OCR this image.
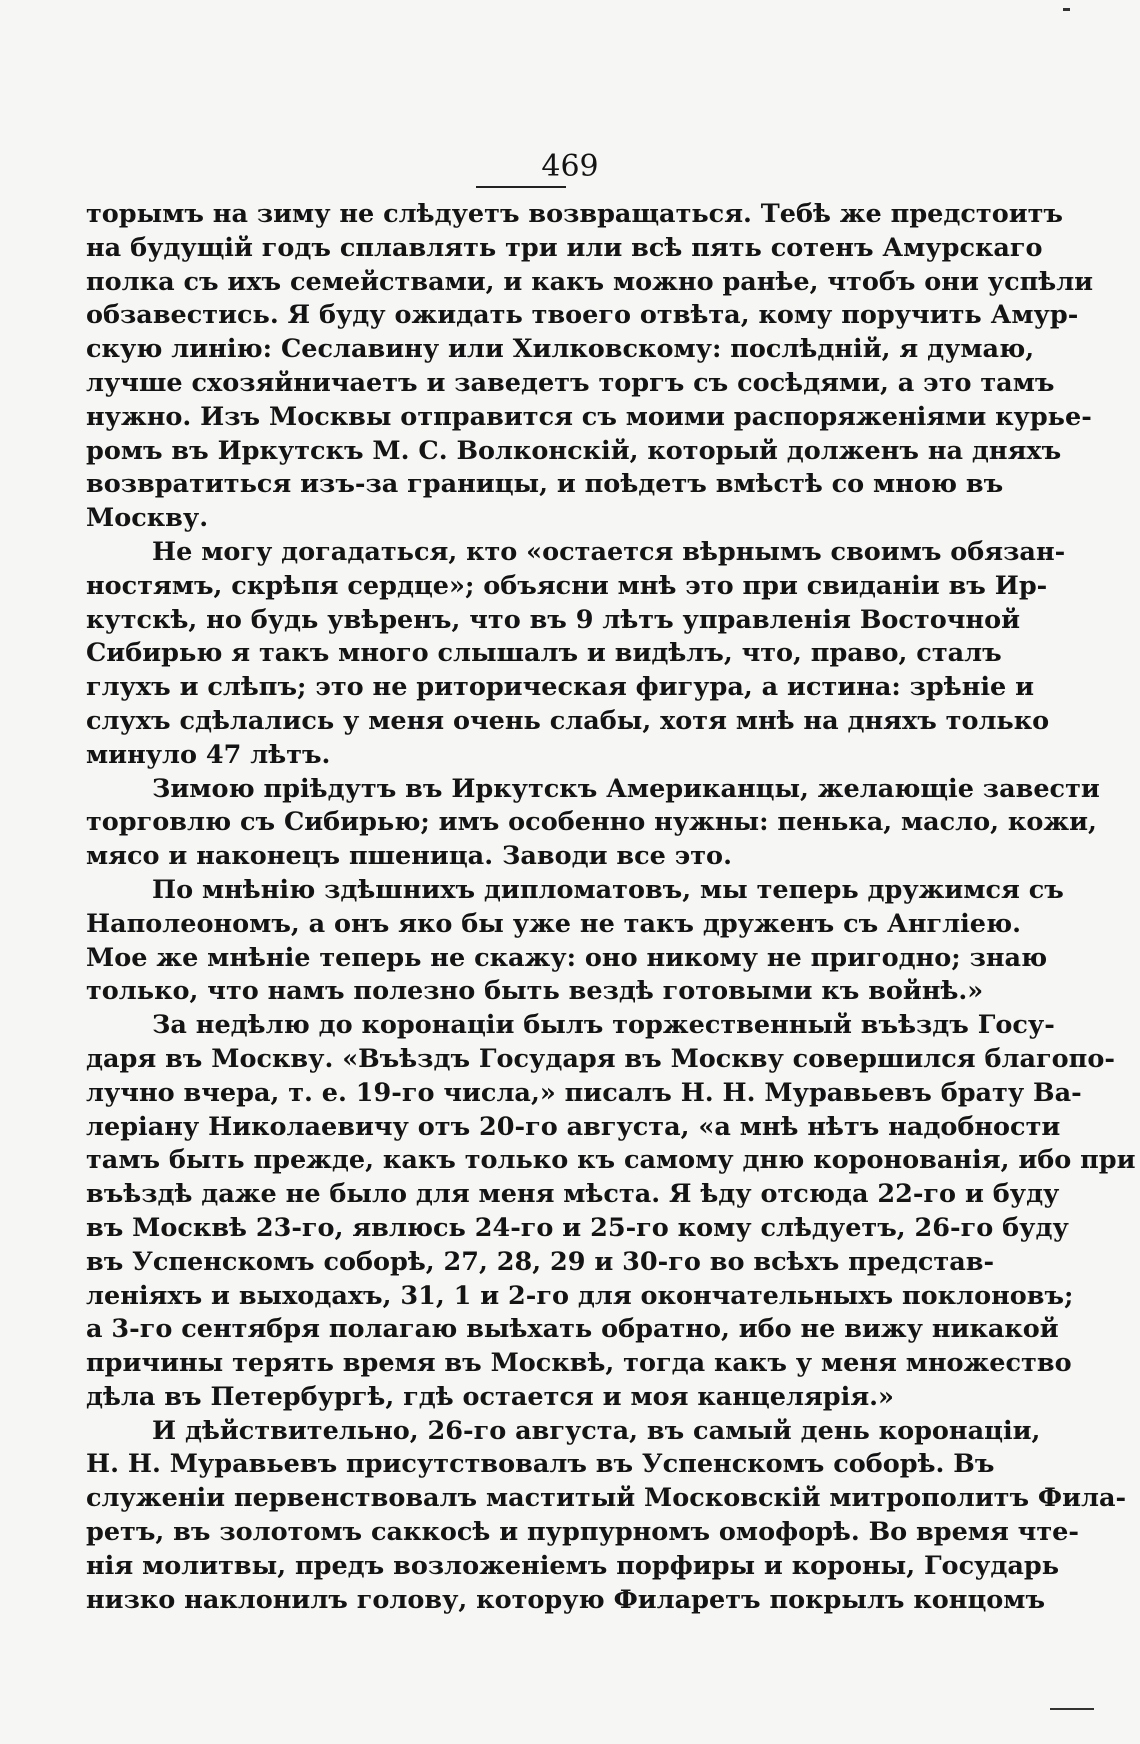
469
торымъ на зиму не слѣдуетъ возвращаться. Тебѣ же предстоитъ
на будущій годъ сплавлять три или всѣ пять сотенъ Амурскаго
полка съ ихъ семействами, и какъ можно ранѣе, чтобъ они успѣли
обзавестись. Я буду ожидать твоего отвѣта, кому поручить Амур-
скую линію: Сеславину или Хилковскому: послѣдній, я думаю,
лучше схозяйничаетъ и заведетъ торгъ съ сосѣдями, а это тамъ
нужно. Изъ Москвы отправится съ моими распоряженіями курье-
ромъ въ Иркутскъ М. С. Волконскій, который долженъ на дняхъ
возвратиться изъ-за границы, и поѣдетъ вмѣстѣ со мною въ
Москву.
Не могу догадаться, кто «остается вѣрнымъ своимъ обязан-
ностямъ, скрѣпя сердце»; объясни мнѣ это при свиданіи въ Ир-
кутскѣ, но будь увѣренъ, что въ 9 лѣтъ управленія Восточной
Сибирью я такъ много слышалъ и видѣлъ, что, право, сталъ
глухъ и слѣпъ; это не риторическая фигура, а истина: зрѣніе и
слухъ сдѣлались у меня очень слабы, хотя мнѣ на дняхъ только
минуло 47 лѣтъ.
Зимою пріѣдутъ въ Иркутскъ Американцы, желающіе завести
торговлю съ Сибирью; имъ особенно нужны: пенька, масло, кожи,
мясо и наконецъ пшеница. Заводи все это.
По мнѣнію здѣшнихъ дипломатовъ, мы теперь дружимся съ
Наполеономъ, а онъ яко бы уже не такъ друженъ съ Англіею.
Мое же мнѣніе теперь не скажу: оно никому не пригодно; знаю
только, что намъ полезно быть вездѣ готовыми къ войнѣ.»
За недѣлю до коронаціи былъ торжественный въѣздъ Госу-
даря въ Москву. «Въѣздъ Государя въ Москву совершился благопо-
лучно вчера, т. е. 19-го числа,» писалъ Н. Н. Муравьевъ брату Ва-
леріану Николаевичу отъ 20-го августа, «а мнѣ нѣтъ надобности
тамъ быть прежде, какъ только къ самому дню коронованія, ибо при
въѣздѣ даже не было для меня мѣста. Я ѣду отсюда 22-го и буду
въ Москвѣ 23-го, явлюсь 24-го и 25-го кому слѣдуетъ, 26-го буду
въ Успенскомъ соборѣ, 27, 28, 29 и 30-го во всѣхъ представ-
леніяхъ и выходахъ, 31, 1 и 2-го для окончательныхъ поклоновъ;
а 3-го сентября полагаю выѣхать обратно, ибо не вижу никакой
причины терять время въ Москвѣ, тогда какъ у меня множество
дѣла въ Петербургѣ, гдѣ остается и моя канцелярія.»
И дѣйствительно, 26-го августа, въ самый день коронаціи,
Н. Н. Муравьевъ присутствовалъ въ Успенскомъ соборѣ. Въ
служеніи первенствовалъ маститый Московскій митрополитъ Фила-
ретъ, въ золотомъ саккосѣ и пурпурномъ омофорѣ. Во время чте-
нія молитвы, предъ возложеніемъ порфиры и короны, Государь
низко наклонилъ голову, которую Филаретъ покрылъ концомъ
